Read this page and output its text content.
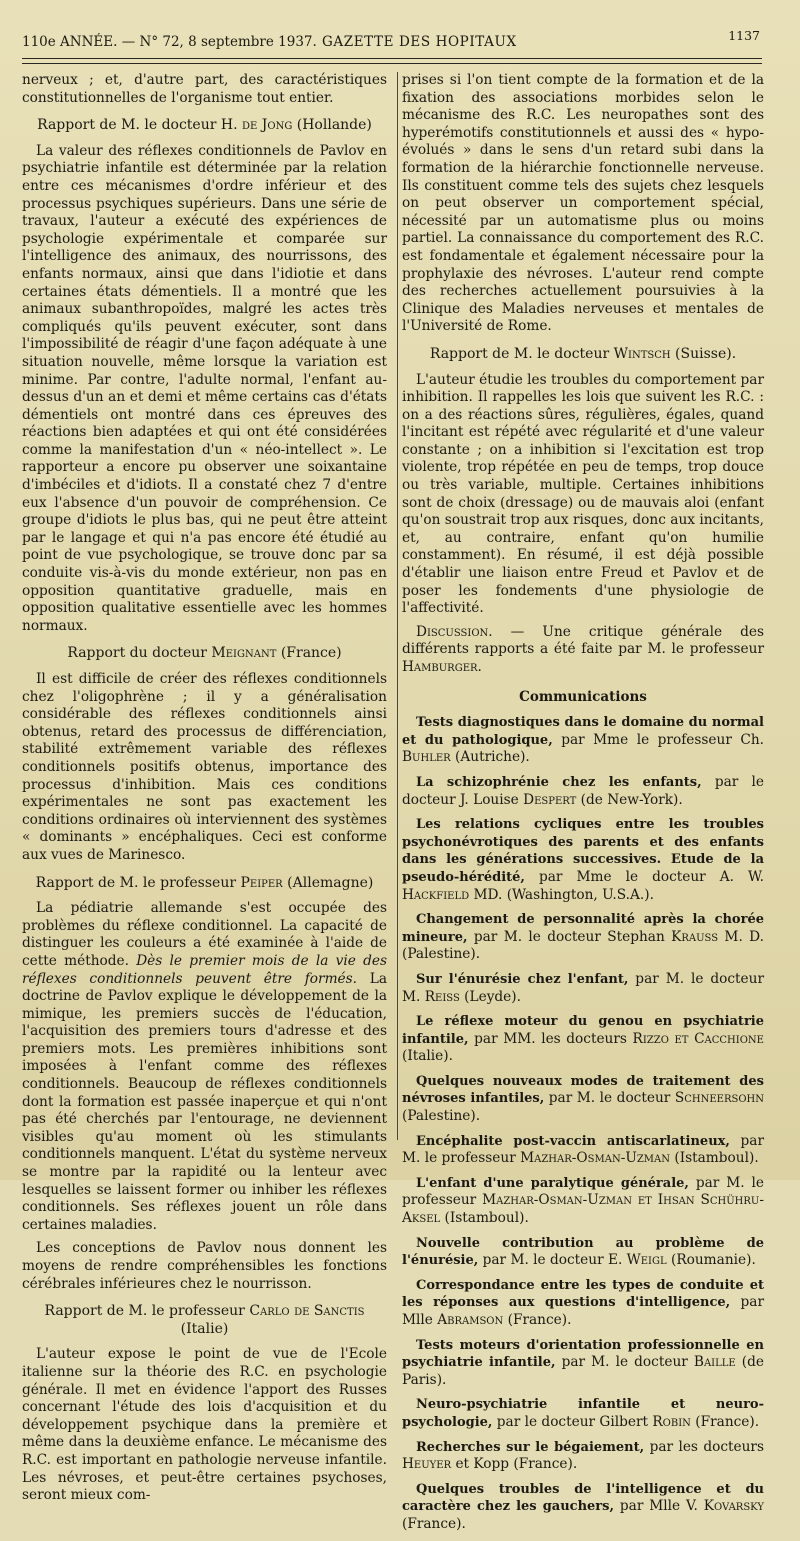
110e ANNÉE. — N° 72, 8 septembre 1937. GAZETTE DES HOPITAUX	1137

nerveux ; et, d'autre part, des caractéristiques constitutionnelles de l'organisme tout entier.

Rapport de M. le docteur H. de Jong (Hollande)

La valeur des réflexes conditionnels de Pavlov en psychiatrie infantile est déterminée par la relation entre ces mécanismes d'ordre inférieur et des processus psychiques supérieurs. Dans une série de travaux, l'auteur a exécuté des expériences de psychologie expérimentale et comparée sur l'intelligence des animaux, des nourrissons, des enfants normaux, ainsi que dans l'idiotie et dans certaines états démentiels. Il a montré que les animaux subanthropoïdes, malgré les actes très compliqués qu'ils peuvent exécuter, sont dans l'impossibilité de réagir d'une façon adéquate à une situation nouvelle, même lorsque la variation est minime. Par contre, l'adulte normal, l'enfant au-dessus d'un an et demi et même certains cas d'états démentiels ont montré dans ces épreuves des réactions bien adaptées et qui ont été considérées comme la manifestation d'un « néo-intellect ». Le rapporteur a encore pu observer une soixantaine d'imbéciles et d'idiots. Il a constaté chez 7 d'entre eux l'absence d'un pouvoir de compréhension. Ce groupe d'idiots le plus bas, qui ne peut être atteint par le langage et qui n'a pas encore été étudié au point de vue psychologique, se trouve donc par sa conduite vis-à-vis du monde extérieur, non pas en opposition quantitative graduelle, mais en opposition qualitative essentielle avec les hommes normaux.

Rapport du docteur Meignant (France)

Il est difficile de créer des réflexes conditionnels chez l'oligophrène ; il y a généralisation considérable des réflexes conditionnels ainsi obtenus, retard des processus de différenciation, stabilité extrêmement variable des réflexes conditionnels positifs obtenus, importance des processus d'inhibition. Mais ces conditions expérimentales ne sont pas exactement les conditions ordinaires où interviennent des systèmes « dominants » encéphaliques. Ceci est conforme aux vues de Marinesco.

Rapport de M. le professeur Peiper (Allemagne)

La pédiatrie allemande s'est occupée des problèmes du réflexe conditionnel. La capacité de distinguer les couleurs a été examinée à l'aide de cette méthode. Dès le premier mois de la vie des réflexes conditionnels peuvent être formés. La doctrine de Pavlov explique le développement de la mimique, les premiers succès de l'éducation, l'acquisition des premiers tours d'adresse et des premiers mots. Les premières inhibitions sont imposées à l'enfant comme des réflexes conditionnels. Beaucoup de réflexes conditionnels dont la formation est passée inaperçue et qui n'ont pas été cherchés par l'entourage, ne deviennent visibles qu'au moment où les stimulants conditionnels manquent. L'état du système nerveux se montre par la rapidité ou la lenteur avec lesquelles se laissent former ou inhiber les réflexes conditionnels. Ses réflexes jouent un rôle dans certaines maladies.

Les conceptions de Pavlov nous donnent les moyens de rendre compréhensibles les fonctions cérébrales inférieures chez le nourrisson.

Rapport de M. le professeur Carlo de Sanctis (Italie)

L'auteur expose le point de vue de l'Ecole italienne sur la théorie des R.C. en psychologie générale. Il met en évidence l'apport des Russes concernant l'étude des lois d'acquisition et du développement psychique dans la première et même dans la deuxième enfance. Le mécanisme des R.C. est important en pathologie nerveuse infantile. Les névroses, et peut-être certaines psychoses, seront mieux com-

prises si l'on tient compte de la formation et de la fixation des associations morbides selon le mécanisme des R.C. Les neuropathes sont des hyperémotifs constitutionnels et aussi des « hypo-évolués » dans le sens d'un retard subi dans la formation de la hiérarchie fonctionnelle nerveuse. Ils constituent comme tels des sujets chez lesquels on peut observer un comportement spécial, nécessité par un automatisme plus ou moins partiel. La connaissance du comportement des R.C. est fondamentale et également nécessaire pour la prophylaxie des névroses. L'auteur rend compte des recherches actuellement poursuivies à la Clinique des Maladies nerveuses et mentales de l'Université de Rome.

Rapport de M. le docteur Wintsch (Suisse).

L'auteur étudie les troubles du comportement par inhibition. Il rappelles les lois que suivent les R.C. : on a des réactions sûres, régulières, égales, quand l'incitant est répété avec régularité et d'une valeur constante ; on a inhibition si l'excitation est trop violente, trop répétée en peu de temps, trop douce ou très variable, multiple. Certaines inhibitions sont de choix (dressage) ou de mauvais aloi (enfant qu'on soustrait trop aux risques, donc aux incitants, et, au contraire, enfant qu'on humilie constamment). En résumé, il est déjà possible d'établir une liaison entre Freud et Pavlov et de poser les fondements d'une physiologie de l'affectivité.

Discussion. — Une critique générale des différents rapports a été faite par M. le professeur Hamburger.

Communications

Tests diagnostiques dans le domaine du normal et du pathologique, par Mme le professeur Ch. Buhler (Autriche).

La schizophrénie chez les enfants, par le docteur J. Louise Despert (de New-York).

Les relations cycliques entre les troubles psychonévrotiques des parents et des enfants dans les générations successives. Etude de la pseudo-hérédité, par Mme le docteur A. W. Hackfield MD. (Washington, U.S.A.).

Changement de personnalité après la chorée mineure, par M. le docteur Stephan Krauss M. D. (Palestine).

Sur l'énurésie chez l'enfant, par M. le docteur M. Reiss (Leyde).

Le réflexe moteur du genou en psychiatrie infantile, par MM. les docteurs Rizzo et Cacchione (Italie).

Quelques nouveaux modes de traitement des névroses infantiles, par M. le docteur Schneersohn (Palestine).

Encéphalite post-vaccin antiscarlatineux, par M. le professeur Mazhar-Osman-Uzman (Istamboul).

L'enfant d'une paralytique générale, par M. le professeur Mazhar-Osman-Uzman et Ihsan Schühru-Aksel (Istamboul).

Nouvelle contribution au problème de l'énurésie, par M. le docteur E. Weigl (Roumanie).

Correspondance entre les types de conduite et les réponses aux questions d'intelligence, par Mlle Abramson (France).

Tests moteurs d'orientation professionnelle en psychiatrie infantile, par M. le docteur Baille (de Paris).

Neuro-psychiatrie infantile et neuro-psychologie, par le docteur Gilbert Robin (France).

Recherches sur le bégaiement, par les docteurs Heuyer et Kopp (France).

Quelques troubles de l'intelligence et du caractère chez les gauchers, par Mlle V. Kovarsky (France).
